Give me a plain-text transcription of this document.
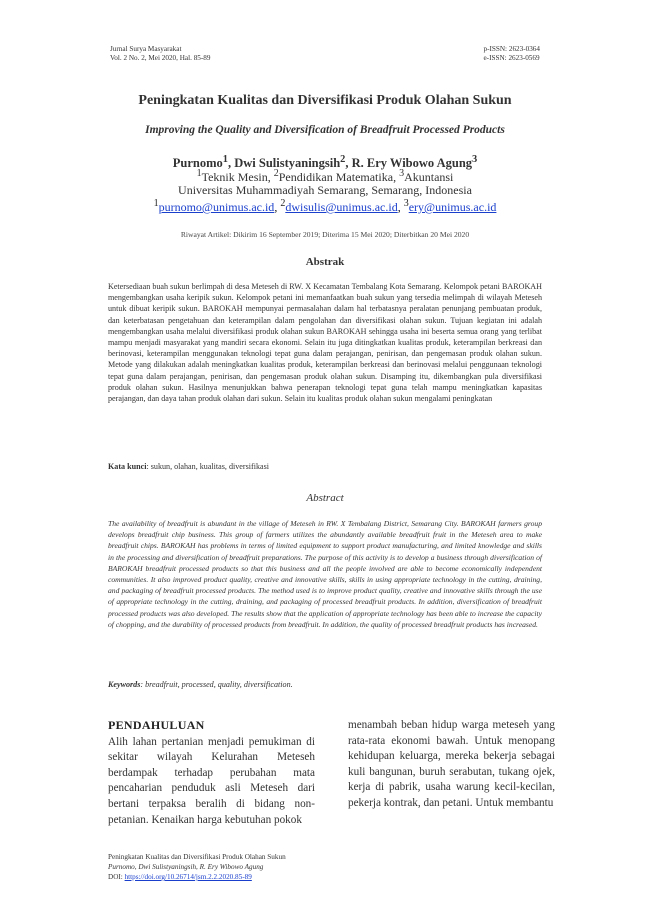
Jurnal Surya Masyarakat
Vol. 2 No. 2, Mei 2020, Hal. 85-89
p-ISSN: 2623-0364
e-ISSN: 2623-0569
Peningkatan Kualitas dan Diversifikasi Produk Olahan Sukun
Improving the Quality and Diversification of Breadfruit Processed Products
Purnomo$^1$, Dwi Sulistyaningsih$^2$, R. Ery Wibowo Agung$^3$
$^1$Teknik Mesin, $^2$Pendidikan Matematika, $^3$Akuntansi
Universitas Muhammadiyah Semarang, Semarang, Indonesia
$^1$purnomo@unimus.ac.id, $^2$dwisulis@unimus.ac.id, $^3$ery@unimus.ac.id
Riwayat Artikel: Dikirim 16 September 2019; Diterima 15 Mei 2020; Diterbitkan 20 Mei 2020
Abstrak
Ketersediaan buah sukun berlimpah di desa Meteseh di RW. X Kecamatan Tembalang Kota Semarang. Kelompok petani BAROKAH mengembangkan usaha keripik sukun. Kelompok petani ini memanfaatkan buah sukun yang tersedia melimpah di wilayah Meteseh untuk dibuat keripik sukun. BAROKAH mempunyai permasalahan dalam hal terbatasnya peralatan penunjang pembuatan produk, dan keterbatasan pengetahuan dan keterampilan dalam pengolahan dan diversifikasi olahan sukun. Tujuan kegiatan ini adalah mengembangkan usaha melalui diversifikasi produk olahan sukun BAROKAH sehingga usaha ini beserta semua orang yang terlibat mampu menjadi masyarakat yang mandiri secara ekonomi. Selain itu juga ditingkatkan kualitas produk, keterampilan berkreasi dan berinovasi, keterampilan menggunakan teknologi tepat guna dalam perajangan, penirisan, dan pengemasan produk olahan sukun. Metode yang dilakukan adalah meningkatkan kualitas produk, keterampilan berkreasi dan berinovasi melalui penggunaan teknologi tepat guna dalam perajangan, penirisan, dan pengemasan produk olahan sukun. Disamping itu, dikembangkan pula diversifikasi produk olahan sukun. Hasilnya menunjukkan bahwa penerapan teknologi tepat guna telah mampu meningkatkan kapasitas perajangan, dan daya tahan produk olahan dari sukun. Selain itu kualitas produk olahan sukun mengalami peningkatan
Kata kunci: sukun, olahan, kualitas, diversifikasi
Abstract
The availability of breadfruit is abundant in the village of Meteseh in RW. X Tembalang District, Semarang City. BAROKAH farmers group develops breadfruit chip business. This group of farmers utilizes the abundantly available breadfruit fruit in the Meteseh area to make breadfruit chips. BAROKAH has problems in terms of limited equipment to support product manufacturing, and limited knowledge and skills in the processing and diversification of breadfruit preparations. The purpose of this activity is to develop a business through diversification of BAROKAH breadfruit processed products so that this business and all the people involved are able to become economically independent communities. It also improved product quality, creative and innovative skills, skills in using appropriate technology in the cutting, draining, and packaging of breadfruit processed products. The method used is to improve product quality, creative and innovative skills through the use of appropriate technology in the cutting, draining, and packaging of processed breadfruit products. In addition, diversification of breadfruit processed products was also developed. The results show that the application of appropriate technology has been able to increase the capacity of chopping, and the durability of processed products from breadfruit. In addition, the quality of processed breadfruit products has increased.
Keywords: breadfruit, processed, quality, diversification.
PENDAHULUAN
Alih lahan pertanian menjadi pemukiman di sekitar wilayah Kelurahan Meteseh berdampak terhadap perubahan mata pencaharian penduduk asli Meteseh dari bertani terpaksa beralih di bidang non-petanian. Kenaikan harga kebutuhan pokok
menambah beban hidup warga meteseh yang rata-rata ekonomi bawah. Untuk menopang kehidupan keluarga, mereka bekerja sebagai kuli bangunan, buruh serabutan, tukang ojek, kerja di pabrik, usaha warung kecil-kecilan, pekerja kontrak, dan petani. Untuk membantu
Peningkatan Kualitas dan Diversifikasi Produk Olahan Sukun
Purnomo, Dwi Sulistyaningsih, R. Ery Wibowo Agung
DOI: https://doi.org/10.26714/jsm.2.2.2020.85-89
